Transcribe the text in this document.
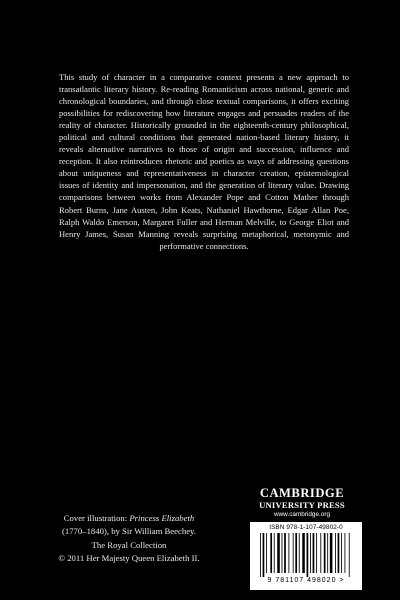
This study of character in a comparative context presents a new approach to transatlantic literary history. Re-reading Romanticism across national, generic and chronological boundaries, and through close textual comparisons, it offers exciting possibilities for rediscovering how literature engages and persuades readers of the reality of character. Historically grounded in the eighteenth-century philosophical, political and cultural conditions that generated nation-based literary history, it reveals alternative narratives to those of origin and succession, influence and reception. It also reintroduces rhetoric and poetics as ways of addressing questions about uniqueness and representativeness in character creation, epistemological issues of identity and impersonation, and the generation of literary value. Drawing comparisons between works from Alexander Pope and Cotton Mather through Robert Burns, Jane Austen, John Keats, Nathaniel Hawthorne, Edgar Allan Poe, Ralph Waldo Emerson, Margaret Fuller and Herman Melville, to George Eliot and Henry James, Susan Manning reveals surprising metaphorical, metonymic and performative connections.

CAMBRIDGE
UNIVERSITY PRESS
www.cambridge.org
Cover illustration: Princess Elizabeth
(1770–1840), by Sir William Beechey.
The Royal Collection
© 2011 Her Majesty Queen Elizabeth II.
ISBN 978-1-107-49802-0
9 781107 498020 >
